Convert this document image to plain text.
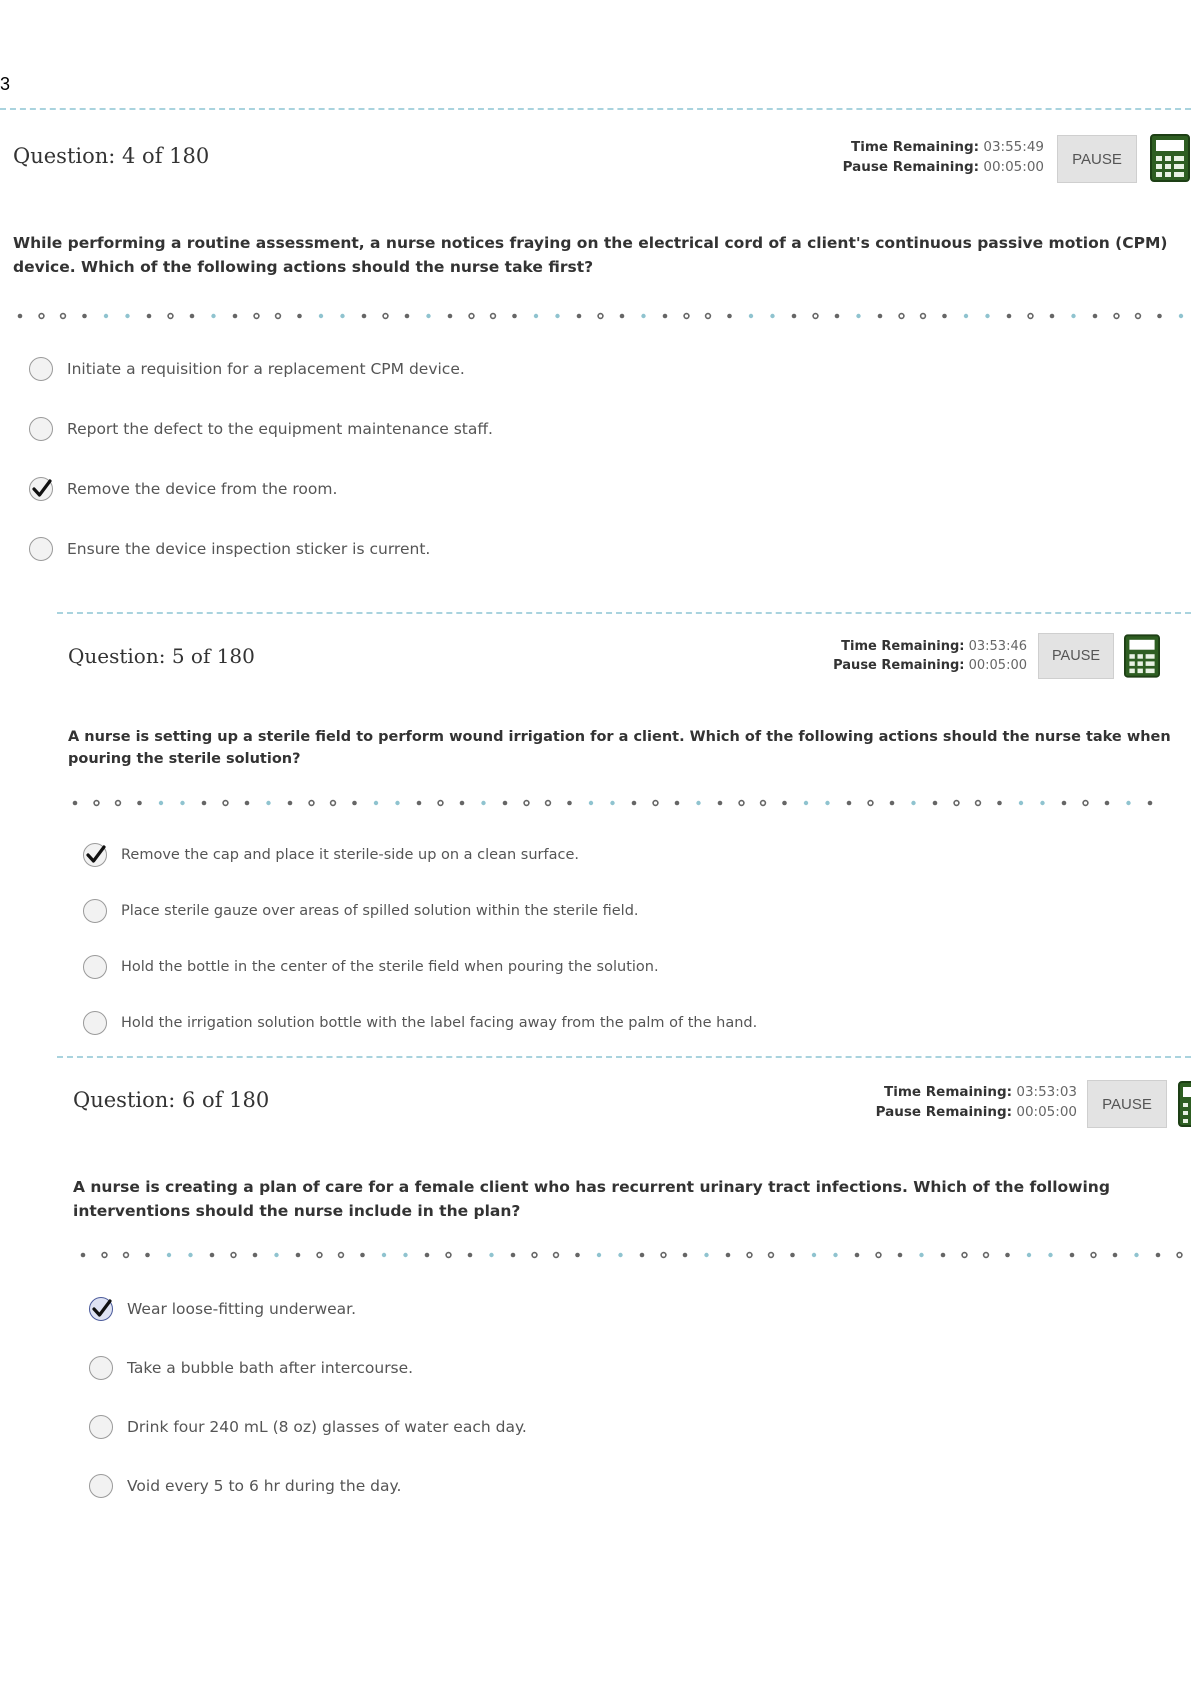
3
Question: 4 of 180	Time Remaining: 03:55:49
Pause Remaining: 00:05:00	PAUSE
While performing a routine assessment, a nurse notices fraying on the electrical cord of a client's continuous passive motion (CPM) device. Which of the following actions should the nurse take first?
Initiate a requisition for a replacement CPM device.
Report the defect to the equipment maintenance staff.
Remove the device from the room.
Ensure the device inspection sticker is current.
Question: 5 of 180	Time Remaining: 03:53:46
Pause Remaining: 00:05:00
PAUSE
A nurse is setting up a sterile field to perform wound irrigation for a client. Which of the following actions should the nurse take when pouring the sterile solution?
Remove the cap and place it sterile-side up on a clean surface.
Place sterile gauze over areas of spilled solution within the sterile field.
Hold the bottle in the center of the sterile field when pouring the solution.
Hold the irrigation solution bottle with the label facing away from the palm of the hand.
Question: 6 of 180	Time Remaining: 03:53:03
Pause Remaining: 00:05:00	PAUSE
A nurse is creating a plan of care for a female client who has recurrent urinary tract infections. Which of the following interventions should the nurse include in the plan?
Wear loose-fitting underwear.
Take a bubble bath after intercourse.
Drink four 240 mL (8 oz) glasses of water each day.
Void every 5 to 6 hr during the day.
